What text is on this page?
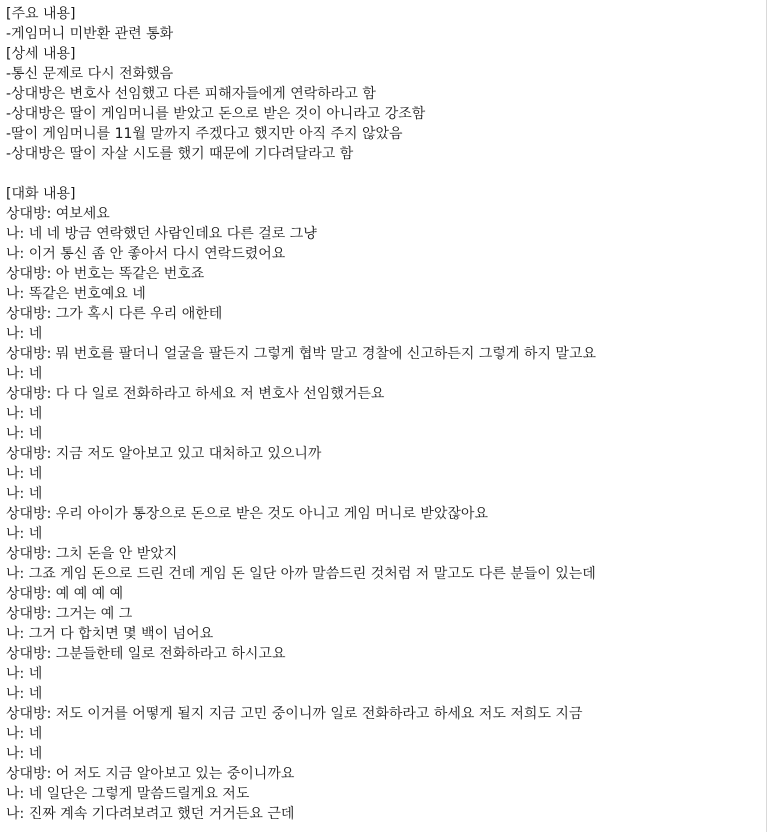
[주요 내용]
-게임머니 미반환 관련 통화
[상세 내용]
-통신 문제로 다시 전화했음
-상대방은 변호사 선임했고 다른 피해자들에게 연락하라고 함
-상대방은 딸이 게임머니를 받았고 돈으로 받은 것이 아니라고 강조함
-딸이 게임머니를 11월 말까지 주겠다고 했지만 아직 주지 않았음
-상대방은 딸이 자살 시도를 했기 때문에 기다려달라고 함
[대화 내용]
상대방: 여보세요
나: 네 네 방금 연락했던 사람인데요 다른 걸로 그냥
나: 이거 통신 좀 안 좋아서 다시 연락드렸어요
상대방: 아 번호는 똑같은 번호죠
나: 똑같은 번호예요 네
상대방: 그가 혹시 다른 우리 애한테
나: 네
상대방: 뭐 번호를 팔더니 얼굴을 팔든지 그렇게 협박 말고 경찰에 신고하든지 그렇게 하지 말고요
나: 네
상대방: 다 다 일로 전화하라고 하세요 저 변호사 선임했거든요
나: 네
나: 네
상대방: 지금 저도 알아보고 있고 대처하고 있으니까
나: 네
나: 네
상대방: 우리 아이가 통장으로 돈으로 받은 것도 아니고 게임 머니로 받았잖아요
나: 네
상대방: 그치 돈을 안 받았지
나: 그죠 게임 돈으로 드린 건데 게임 돈 일단 아까 말씀드린 것처럼 저 말고도 다른 분들이 있는데
상대방: 예 예 예 예
상대방: 그거는 예 그
나: 그거 다 합치면 몇 백이 넘어요
상대방: 그분들한테 일로 전화하라고 하시고요
나: 네
나: 네
상대방: 저도 이거를 어떻게 될지 지금 고민 중이니까 일로 전화하라고 하세요 저도 저희도 지금
나: 네
나: 네
상대방: 어 저도 지금 알아보고 있는 중이니까요
나: 네 일단은 그렇게 말씀드릴게요 저도
나: 진짜 계속 기다려보려고 했던 거거든요 근데
